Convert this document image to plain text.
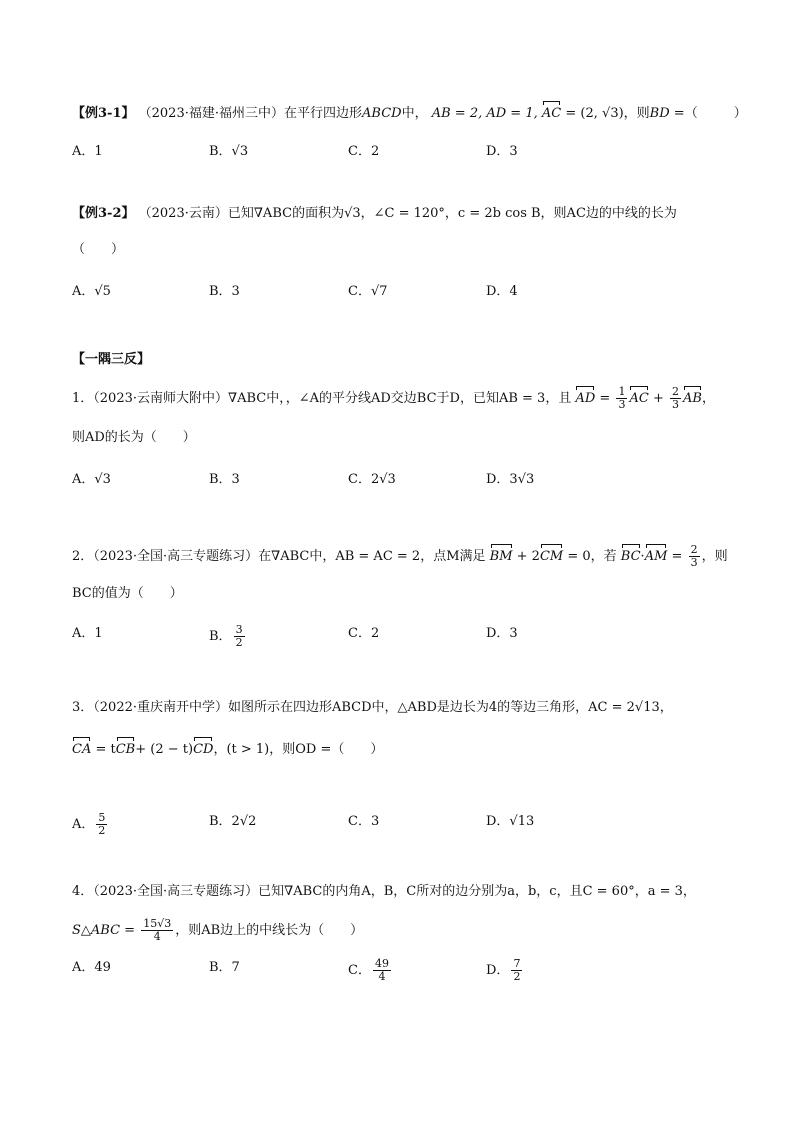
【例3-1】 （2023·福建·福州三中）在平行四边形ABCD中， AB = 2, AD = 1, AC = (2, √3)，则BD =（	）
A．1	B．√3	C．2	D．3
【例3-2】 （2023·云南）已知∇ABC的面积为√3，∠C = 120°，c = 2b cos B，则AC边的中线的长为
（　　）
A．√5	B．3	C．√7	D．4
【一隅三反】
1．（2023·云南师大附中）∇ABC中，，∠A的平分线AD交边BC于D，已知AB = 3，且 AD = $\frac{1}{3}$ AC + $\frac{2}{3}$ AB，
则AD的长为（　　）
A．√3	B．3	C．2√3	D．3√3
2．（2023·全国·高三专题练习）在∇ABC中，AB = AC = 2，点M满足 BM + 2CM = 0，若 $BC\cdot AM = \frac{2}{3}$ ，则
BC的值为（　　）
A．1	B． $\frac{3}{2}$	C．2	D．3
3．（2022·重庆南开中学）如图所示在四边形ABCD中，△ABD是边长为4的等边三角形，AC = 2√13，
CA = tCB+ (2 − t)CD，(t > 1)，则OD =（　　）
A． $\frac{5}{2}$	B．2√2	C．3	D．√13
4．（2023·全国·高三专题练习）已知∇ABC的内角A，B，C所对的边分别为a，b，c，且C = 60°，a = 3，
S△ABC = $\frac{15√3}{4}$ ，则AB边上的中线长为（　　）
A．49	B．7	C． $\frac{49}{4}$	D． $\frac{7}{2}$
